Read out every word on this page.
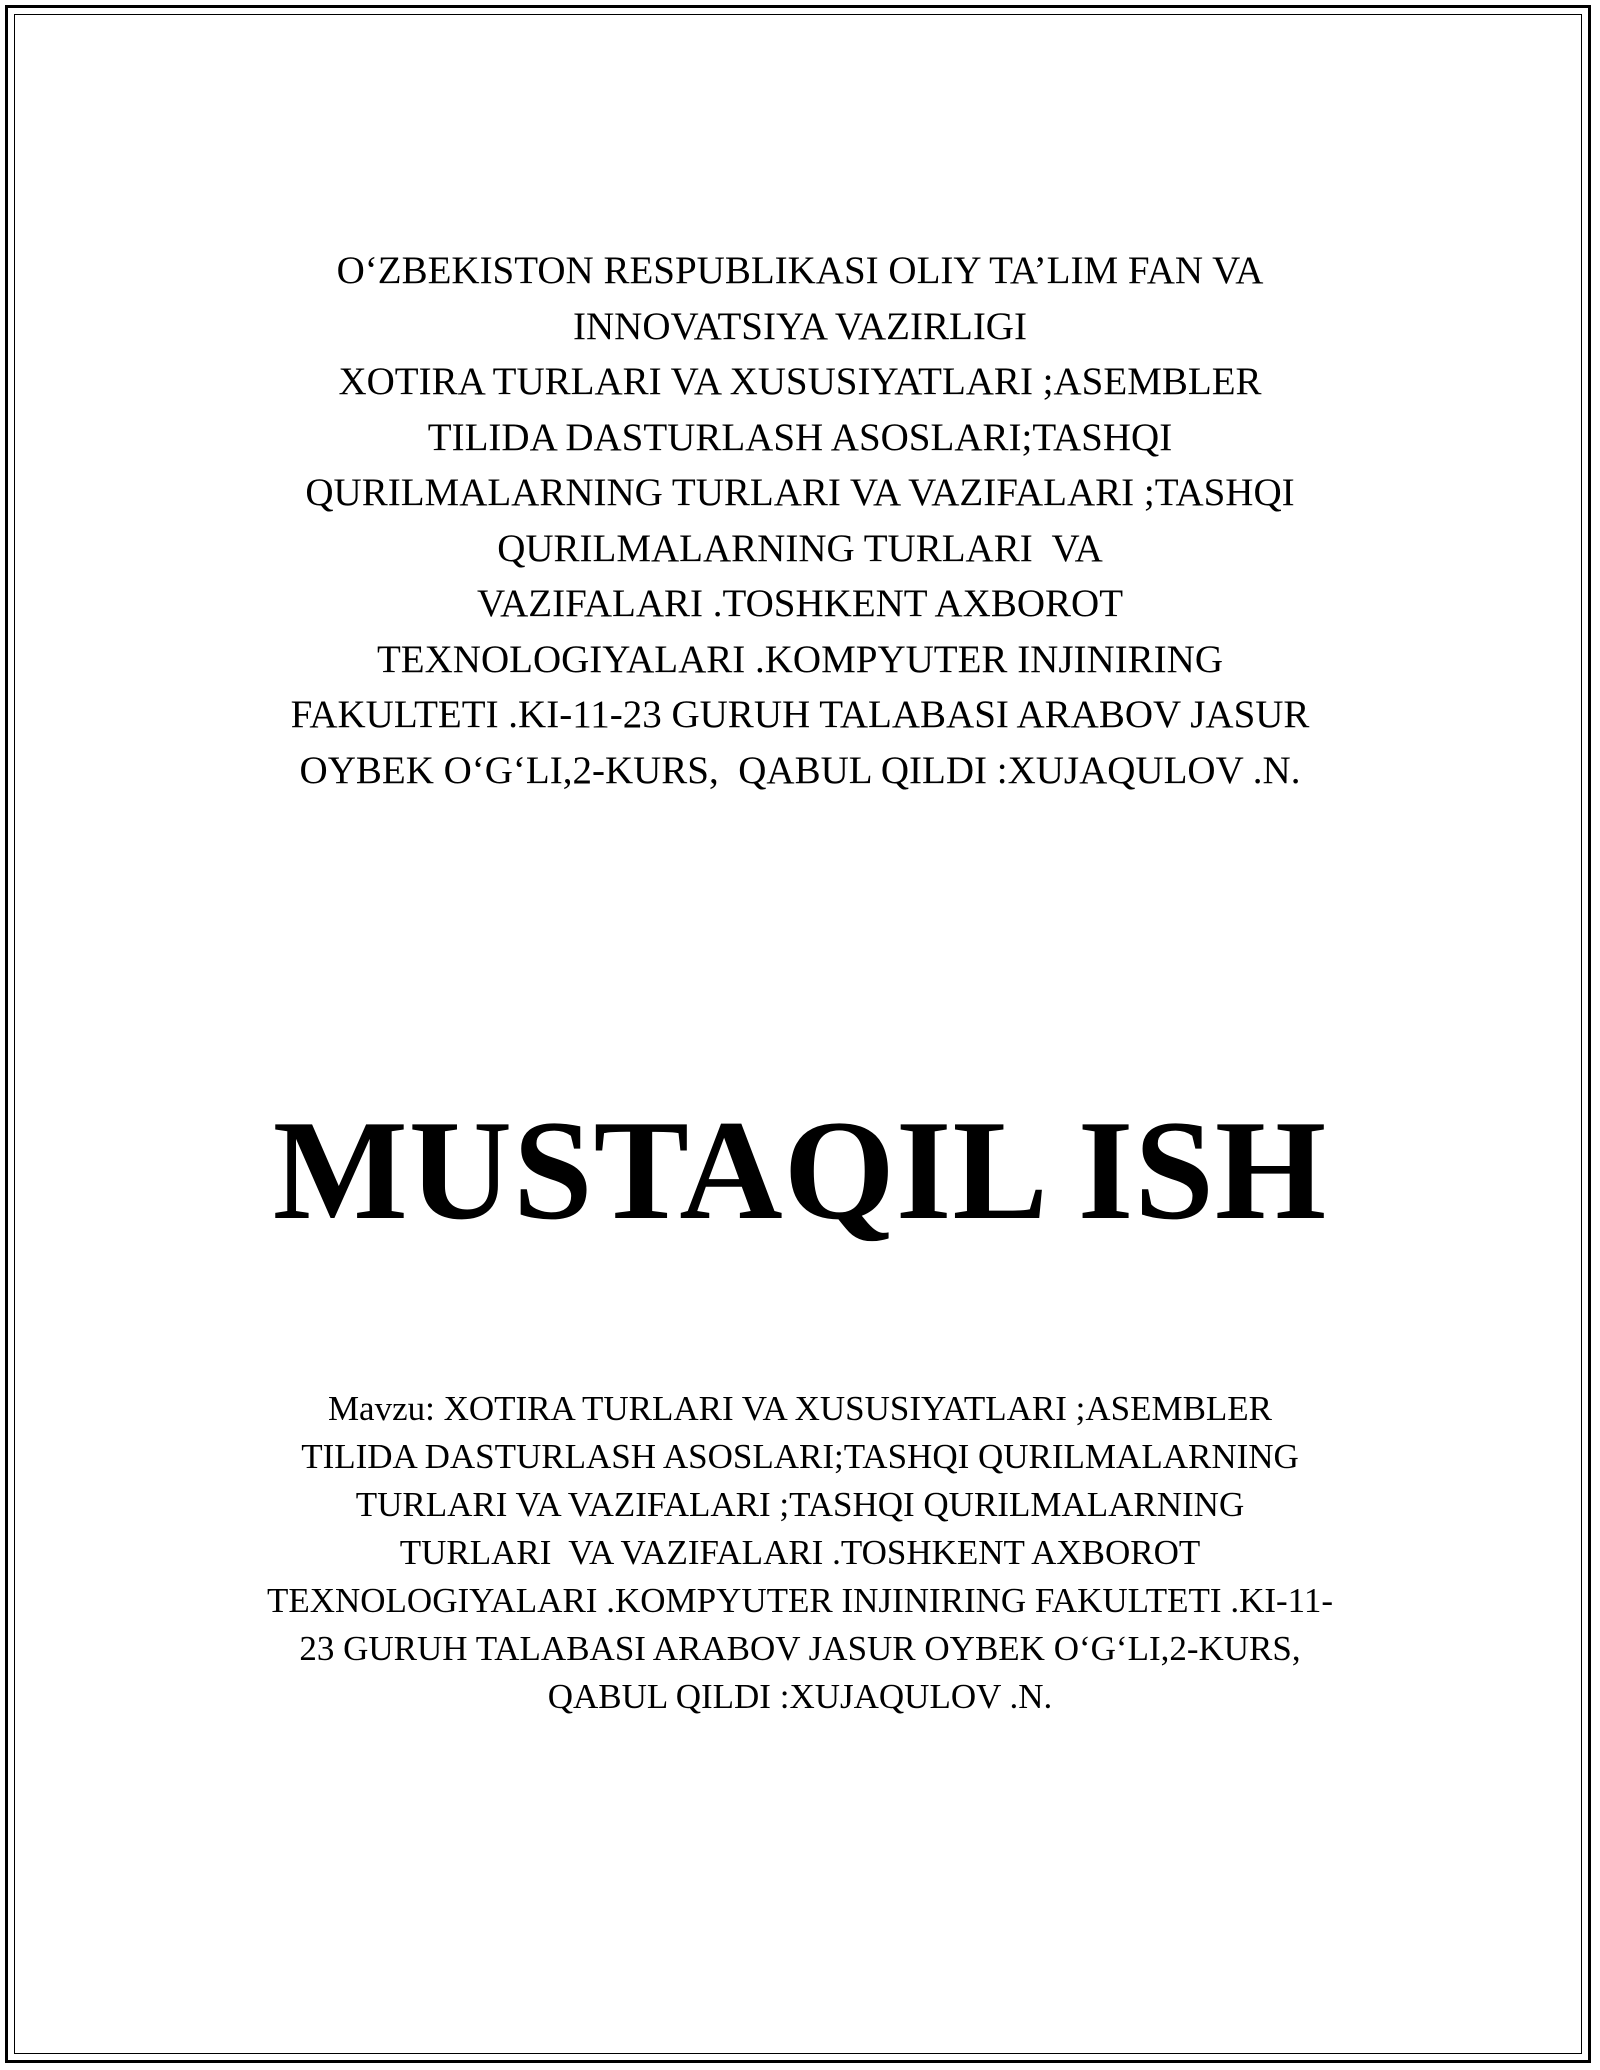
O‘ZBEKISTON RESPUBLIKASI OLIY TA’LIM FAN VA
INNOVATSIYA VAZIRLIGI
XOTIRA TURLARI VA XUSUSIYATLARI ;ASEMBLER
TILIDA DASTURLASH ASOSLARI;TASHQI
QURILMALARNING TURLARI VA VAZIFALARI ;TASHQI
QURILMALARNING TURLARI  VA
VAZIFALARI .TOSHKENT AXBOROT
TEXNOLOGIYALARI .KOMPYUTER INJINIRING
FAKULTETI .KI-11-23 GURUH TALABASI ARABOV JASUR
OYBEK O‘G‘LI,2-KURS,  QABUL QILDI :XUJAQULOV .N.
MUSTAQIL ISH
Mavzu: XOTIRA TURLARI VA XUSUSIYATLARI ;ASEMBLER
TILIDA DASTURLASH ASOSLARI;TASHQI QURILMALARNING
TURLARI VA VAZIFALARI ;TASHQI QURILMALARNING
TURLARI  VA VAZIFALARI .TOSHKENT AXBOROT
TEXNOLOGIYALARI .KOMPYUTER INJINIRING FAKULTETI .KI-11-
23 GURUH TALABASI ARABOV JASUR OYBEK O‘G‘LI,2-KURS,
QABUL QILDI :XUJAQULOV .N.
